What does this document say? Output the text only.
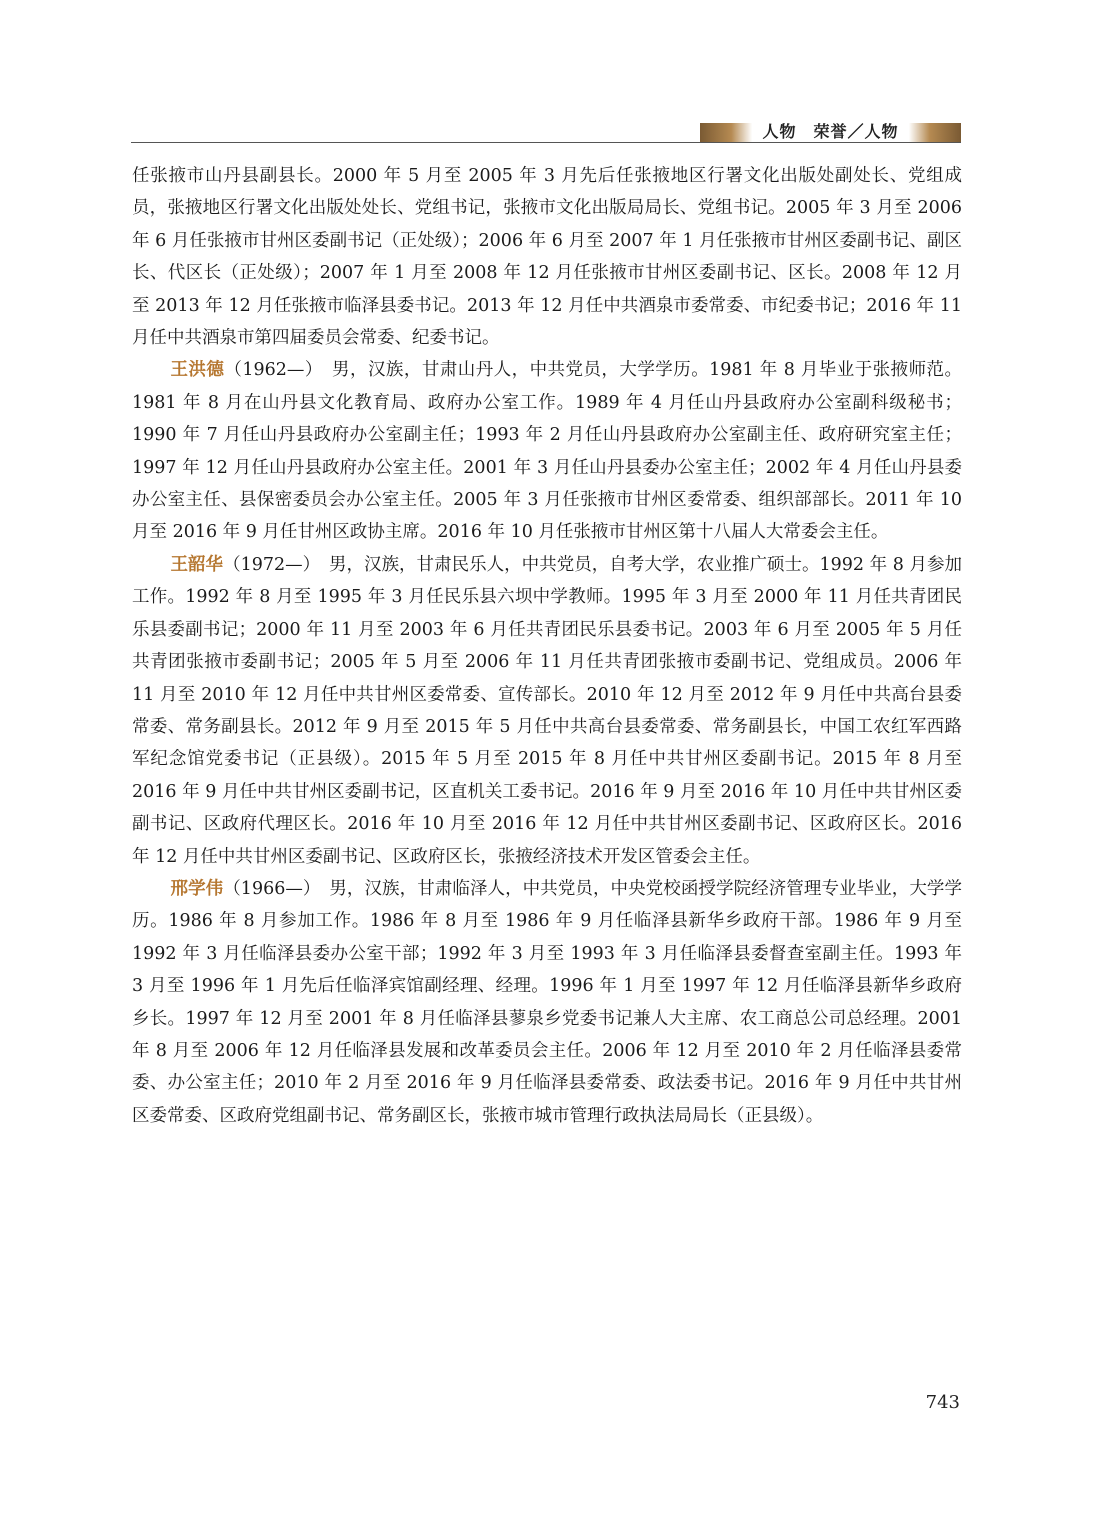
人物　荣誉／人物

任张掖市山丹县副县长。2000 年 5 月至 2005 年 3 月先后任张掖地区行署文化出版处副处长、党组成员，张掖地区行署文化出版处处长、党组书记，张掖市文化出版局局长、党组书记。2005 年 3 月至 2006 年 6 月任张掖市甘州区委副书记（正处级）；2006 年 6 月至 2007 年 1 月任张掖市甘州区委副书记、副区长、代区长（正处级）；2007 年 1 月至 2008 年 12 月任张掖市甘州区委副书记、区长。2008 年 12 月至 2013 年 12 月任张掖市临泽县委书记。2013 年 12 月任中共酒泉市委常委、市纪委书记；2016 年 11 月任中共酒泉市第四届委员会常委、纪委书记。

王洪德（1962—）　 男，汉族，甘肃山丹人，中共党员，大学学历。1981 年 8 月毕业于张掖师范。1981 年 8 月在山丹县文化教育局、政府办公室工作。1989 年 4 月任山丹县政府办公室副科级秘书；1990 年 7 月任山丹县政府办公室副主任；1993 年 2 月任山丹县政府办公室副主任、政府研究室主任；1997 年 12 月任山丹县政府办公室主任。2001 年 3 月任山丹县委办公室主任；2002 年 4 月任山丹县委办公室主任、县保密委员会办公室主任。2005 年 3 月任张掖市甘州区委常委、组织部部长。2011 年 10 月至 2016 年 9 月任甘州区政协主席。2016 年 10 月任张掖市甘州区第十八届人大常委会主任。

王韶华（1972—）　 男，汉族，甘肃民乐人，中共党员，自考大学，农业推广硕士。1992 年 8 月参加工作。1992 年 8 月至 1995 年 3 月任民乐县六坝中学教师。1995 年 3 月至 2000 年 11 月任共青团民乐县委副书记；2000 年 11 月至 2003 年 6 月任共青团民乐县委书记。2003 年 6 月至 2005 年 5 月任共青团张掖市委副书记；2005 年 5 月至 2006 年 11 月任共青团张掖市委副书记、党组成员。2006 年 11 月至 2010 年 12 月任中共甘州区委常委、宣传部长。2010 年 12 月至 2012 年 9 月任中共高台县委常委、常务副县长。2012 年 9 月至 2015 年 5 月任中共高台县委常委、常务副县长，中国工农红军西路军纪念馆党委书记（正县级）。2015 年 5 月至 2015 年 8 月任中共甘州区委副书记。2015 年 8 月至 2016 年 9 月任中共甘州区委副书记，区直机关工委书记。2016 年 9 月至 2016 年 10 月任中共甘州区委副书记、区政府代理区长。2016 年 10 月至 2016 年 12 月任中共甘州区委副书记、区政府区长。2016 年 12 月任中共甘州区委副书记、区政府区长，张掖经济技术开发区管委会主任。

邢学伟（1966—）　 男，汉族，甘肃临泽人，中共党员，中央党校函授学院经济管理专业毕业，大学学历。1986 年 8 月参加工作。1986 年 8 月至 1986 年 9 月任临泽县新华乡政府干部。1986 年 9 月至 1992 年 3 月任临泽县委办公室干部；1992 年 3 月至 1993 年 3 月任临泽县委督查室副主任。1993 年 3 月至 1996 年 1 月先后任临泽宾馆副经理、经理。1996 年 1 月至 1997 年 12 月任临泽县新华乡政府乡长。1997 年 12 月至 2001 年 8 月任临泽县蓼泉乡党委书记兼人大主席、农工商总公司总经理。2001 年 8 月至 2006 年 12 月任临泽县发展和改革委员会主任。2006 年 12 月至 2010 年 2 月任临泽县委常委、办公室主任；2010 年 2 月至 2016 年 9 月任临泽县委常委、政法委书记。2016 年 9 月任中共甘州区委常委、区政府党组副书记、常务副区长，张掖市城市管理行政执法局局长（正县级）。

743
